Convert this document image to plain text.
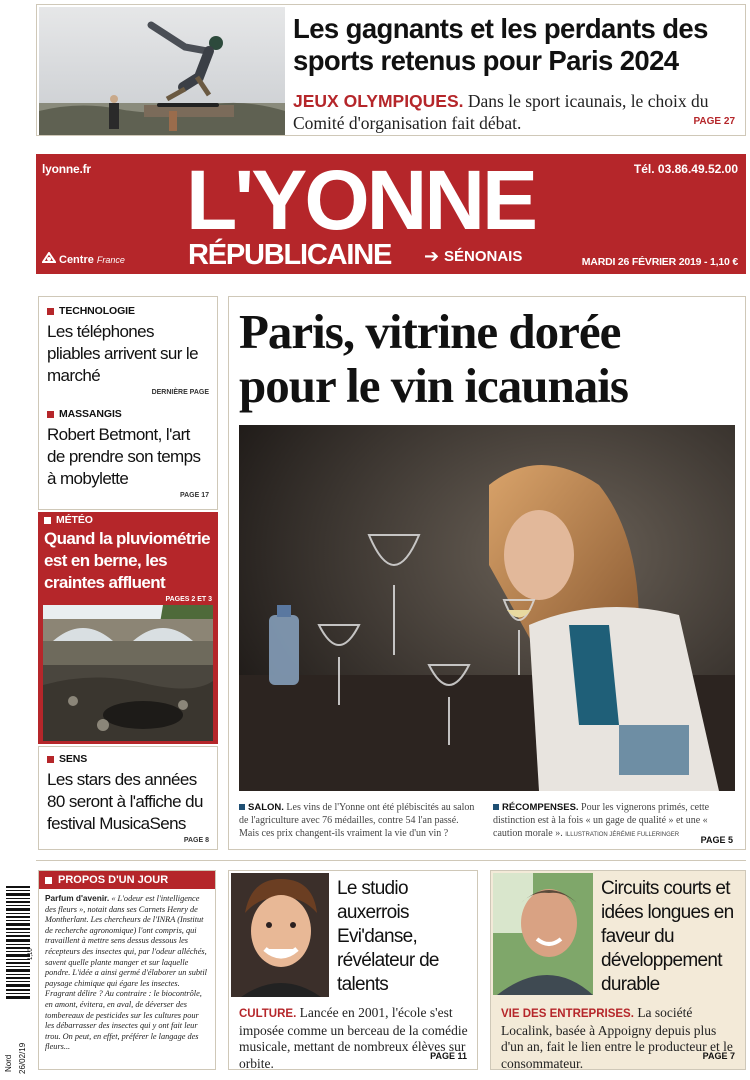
Les gagnants et les perdants des sports retenus pour Paris 2024
JEUX OLYMPIQUES. Dans le sport icaunais, le choix du Comité d'organisation fait débat.	PAGE 27
lyonne.fr	Tél. 03.86.49.52.00
L'YONNE
RÉPUBLICAINE ➔ SÉNONAIS
Centre France	MARDI 26 FÉVRIER 2019 - 1,10 €
TECHNOLOGIE
Les téléphones pliables arrivent sur le marché
DERNIÈRE PAGE
MASSANGIS
Robert Betmont, l'art de prendre son temps à mobylette
PAGE 17
MÉTÉO
Quand la pluviométrie est en berne, les craintes affluent
PAGES 2 ET 3
SENS
Les stars des années 80 seront à l'affiche du festival MusicaSens
PAGE 8
Paris, vitrine dorée
pour le vin icaunais
SALON. Les vins de l'Yonne ont été plébiscités au salon de l'agriculture avec 76 médailles, contre 54 l'an passé. Mais ces prix changent-ils vraiment la vie d'un vin ?
RÉCOMPENSES. Pour les vignerons primés, cette distinction est à la fois « un gage de qualité » et une « caution morale ». ILLUSTRATION JÉRÉMIE FULLERINGER	PAGE 5
1,10
Nord 26/02/19
PROPOS D'UN JOUR
Parfum d'avenir. « L'odeur est l'intelligence des fleurs », notait dans ses Carnets Henry de Montherlant. Les chercheurs de l'INRA (Institut de recherche agronomique) l'ont compris, qui travaillent à mettre sens dessus dessous les récepteurs des insectes qui, par l'odeur alléchés, savent quelle plante manger et sur laquelle pondre. L'idée a ainsi germé d'élaborer un subtil paysage chimique qui égare les insectes. Fragrant délire ? Au contraire : le biocontrôle, en amont, évitera, en aval, de déverser des tombereaux de pesticides sur les cultures pour les débarrasser des insectes qui y ont fait leur trou. On peut, en effet, préférer le langage des fleurs...
Le studio auxerrois Evi'danse, révélateur de talents
CULTURE. Lancée en 2001, l'école s'est imposée comme un berceau de la comédie musicale, mettant de nombreux élèves sur orbite.	PAGE 11
Circuits courts et idées longues en faveur du développement durable
VIE DES ENTREPRISES. La société Localink, basée à Appoigny depuis plus d'un an, fait le lien entre le producteur et le consommateur.	PAGE 7
